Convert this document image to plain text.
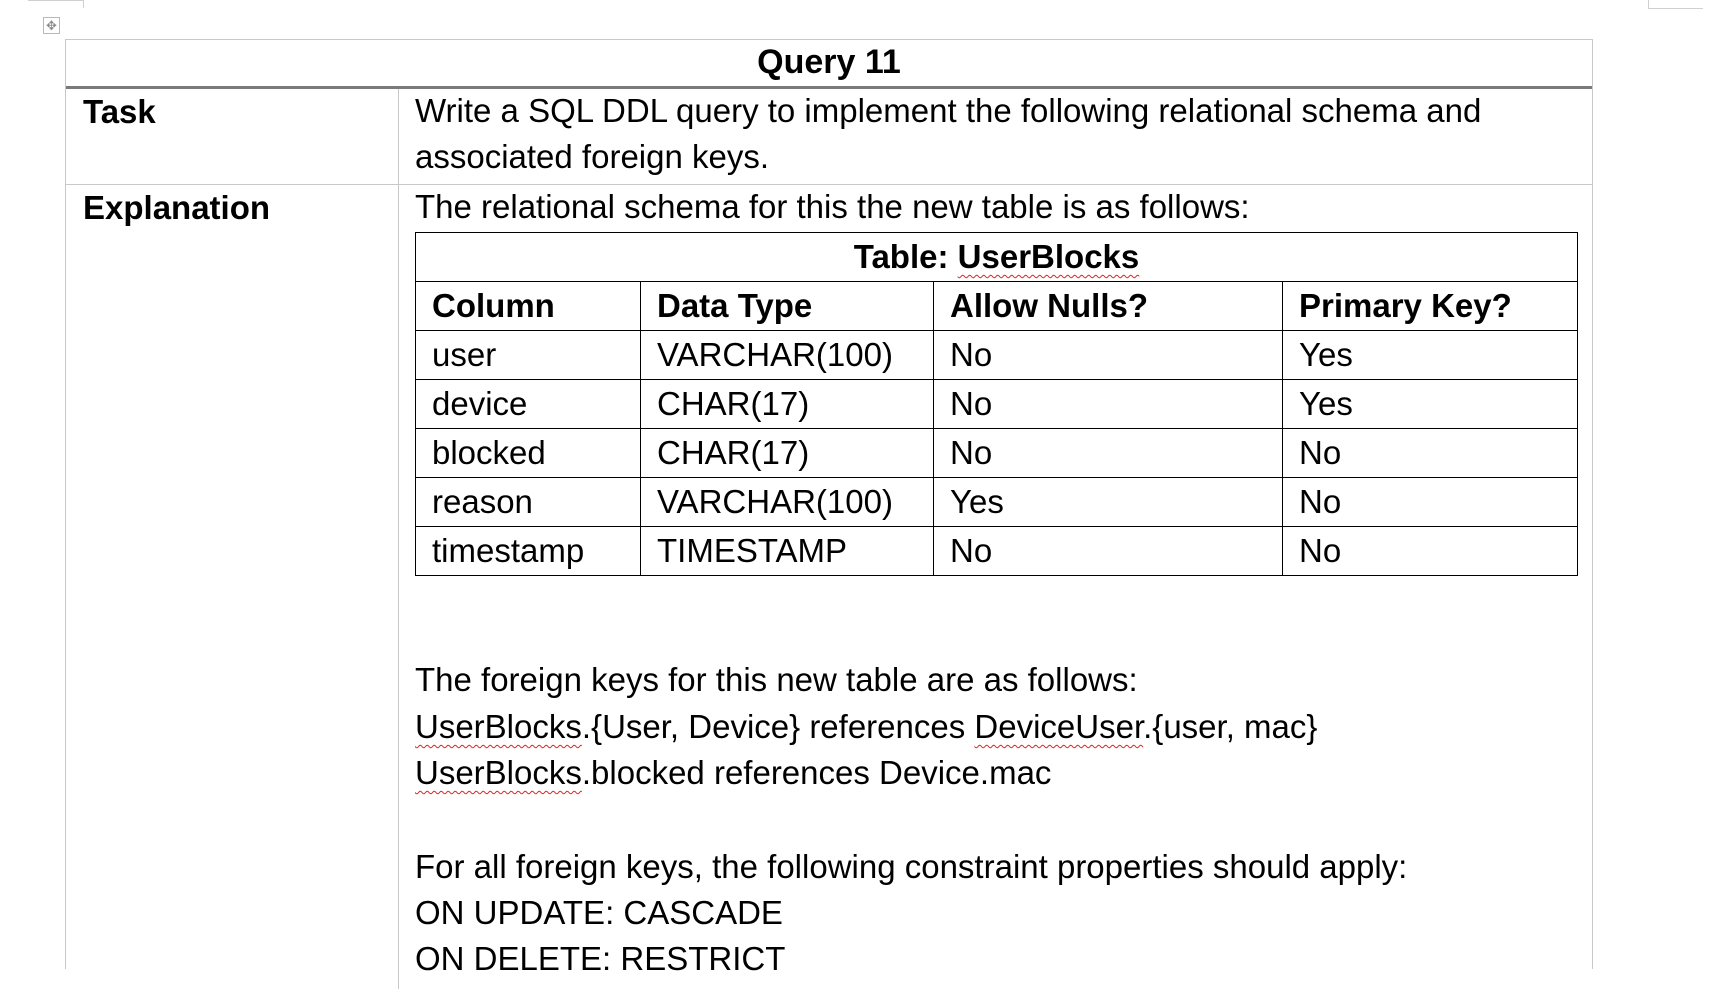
✥
Query 11
Task	Write a SQL DDL query to implement the following relational schema and
associated foreign keys.
Explanation	The relational schema for this the new table is as follows:
Table: UserBlocks			
Column	Data Type	Allow Nulls?	Primary Key?
user	VARCHAR(100)	No	Yes
device	CHAR(17)	No	Yes
blocked	CHAR(17)	No	No
reason	VARCHAR(100)	Yes	No
timestamp	TIMESTAMP	No	No
The foreign keys for this new table are as follows:
UserBlocks.{User, Device} references DeviceUser.{user, mac}
UserBlocks.blocked references Device.mac
For all foreign keys, the following constraint properties should apply:
ON UPDATE: CASCADE
ON DELETE: RESTRICT
